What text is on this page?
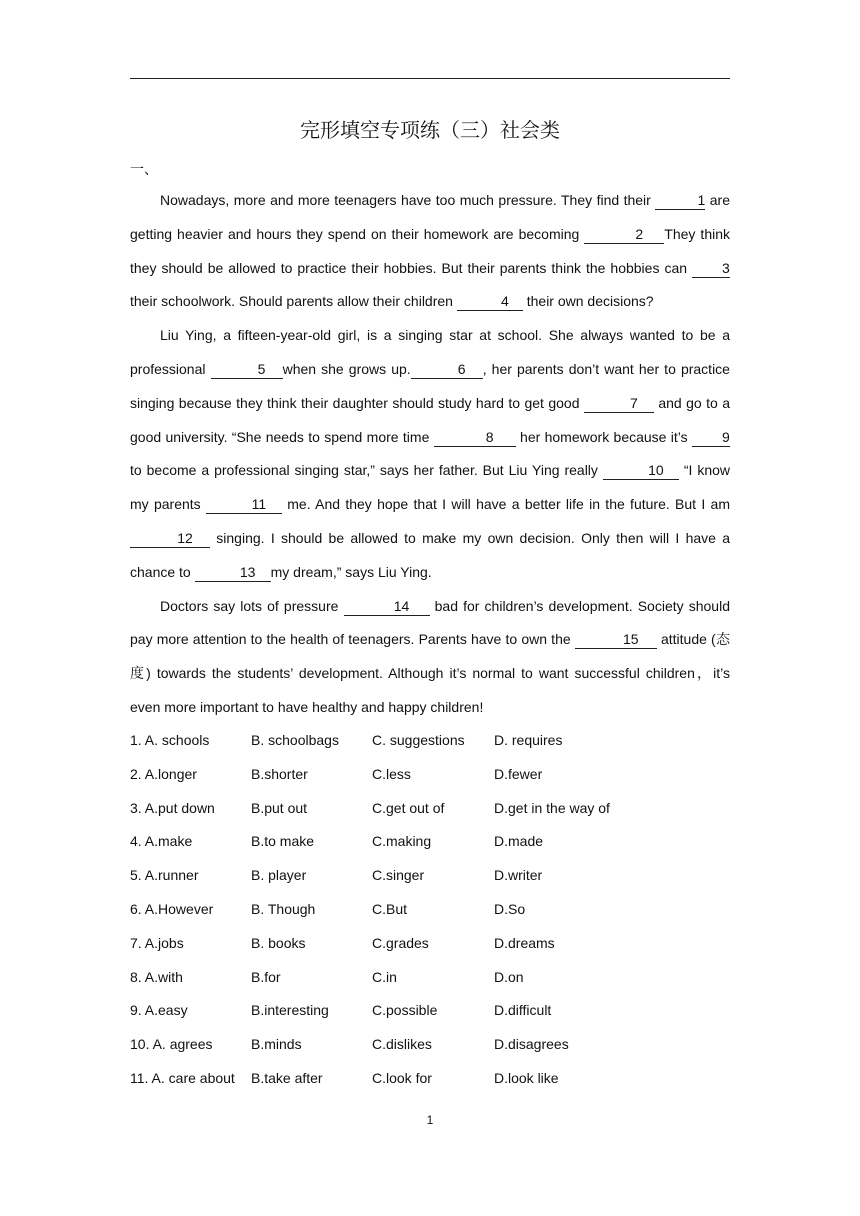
完形填空专项练（三）社会类
一、

Nowadays, more and more teenagers have too much pressure. They find their	1 are getting heavier and hours they spend on their homework are becoming	2 They think they should be allowed to practice their hobbies. But their parents think the hobbies can 3 their schoolwork. Should parents allow their children	4 their own decisions?

Liu Ying, a fifteen-year-old girl, is a singing star at school. She always wanted to be a professional	5 when she grows up.	6 , her parents don’t want her to practice singing because they think their daughter should study hard to get good	7 and go to a good university. “She needs to spend more time	8 her homework because it’s 9 to become a professional singing star,” says her father. But Liu Ying really	10 “I know my parents	11 me. And they hope that I will have a better life in the future. But I am 12 singing. I should be allowed to make my own decision. Only then will I have a chance to	13 my dream,” says Liu Ying.

Doctors say lots of pressure	14 bad for children’s development. Society should pay more attention to the health of teenagers. Parents have to own the	15 attitude (态度) towards the students’ development. Although it’s normal to want successful children，it’s even more important to have healthy and happy children!

1. A. schools	B. schoolbags C. suggestions D. requires
2. A.longer	B.shorter	C.less	D.fewer
3. A.put down	B.put out	C.get out of	D.get in the way of
4. A.make	B.to make	C.making	D.made
5. A.runner	B. player	C.singer	D.writer
6. A.However	B. Though	C.But	D.So
7. A.jobs	B. books	C.grades	D.dreams
8. A.with	B.for	C.in	D.on
9. A.easy	B.interesting	C.possible	D.difficult
10. A. agrees	B.minds	C.dislikes	D.disagrees
11. A. care about B.take after	C.look for	D.look like
1
